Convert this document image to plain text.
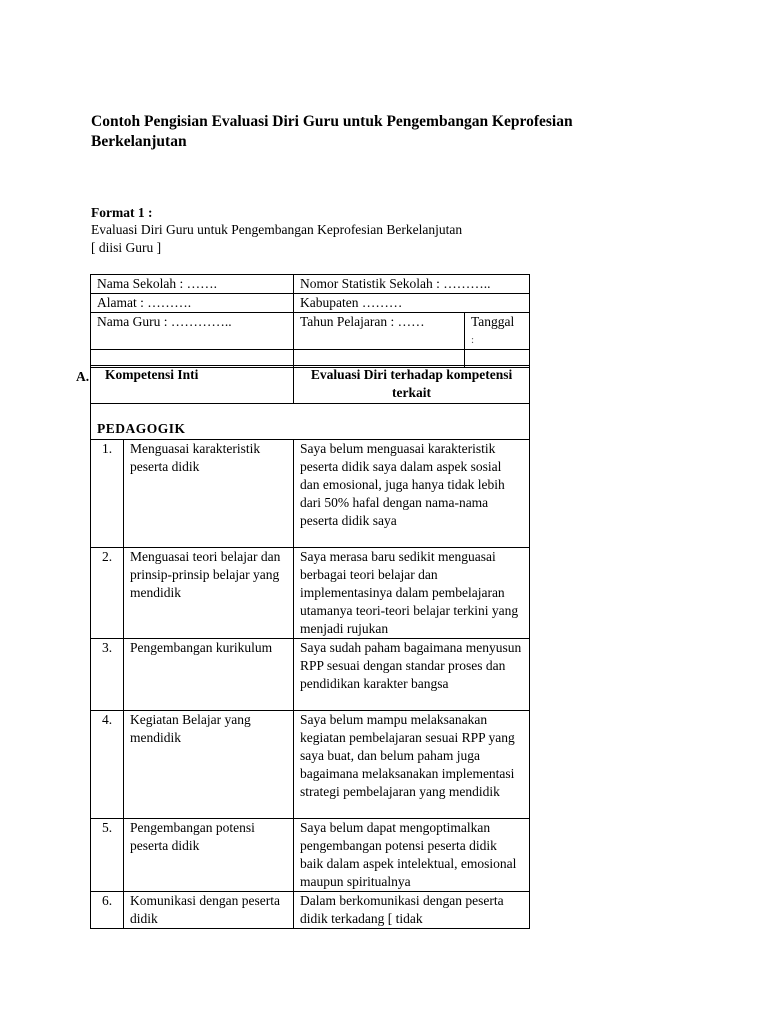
Contoh Pengisian Evaluasi Diri Guru untuk Pengembangan Keprofesian Berkelanjutan
Format 1 :
Evaluasi Diri Guru untuk Pengembangan Keprofesian Berkelanjutan
[ diisi Guru ]
Nama Sekolah : …….	Nomor Statistik Sekolah : ………..	
Alamat : ……….	Kabupaten ………	
Nama Guru : …………..	Tahun Pelajaran : ……	Tanggal
:

A. Kompetensi Inti		Evaluasi Diri terhadap kompetensi terkait
PEDAGOGIK		
1.	Menguasai karakteristik peserta didik	Saya belum menguasai karakteristik peserta didik saya dalam aspek sosial dan emosional, juga hanya tidak lebih dari 50% hafal dengan nama-nama peserta didik saya
2.	Menguasai teori belajar dan prinsip-prinsip belajar yang mendidik	Saya merasa baru sedikit menguasai berbagai teori belajar dan implementasinya dalam pembelajaran utamanya teori-teori belajar terkini yang menjadi rujukan
3.	Pengembangan kurikulum	Saya sudah paham bagaimana menyusun RPP sesuai dengan standar proses dan pendidikan karakter bangsa
4.	Kegiatan Belajar yang mendidik	Saya belum mampu melaksanakan kegiatan pembelajaran sesuai RPP yang saya buat, dan belum paham juga bagaimana melaksanakan implementasi strategi pembelajaran yang mendidik
5.	Pengembangan potensi peserta didik	Saya belum dapat mengoptimalkan pengembangan potensi peserta didik baik dalam aspek intelektual, emosional maupun spiritualnya
6.	Komunikasi dengan peserta didik	Dalam berkomunikasi dengan peserta didik terkadang [ tidak
